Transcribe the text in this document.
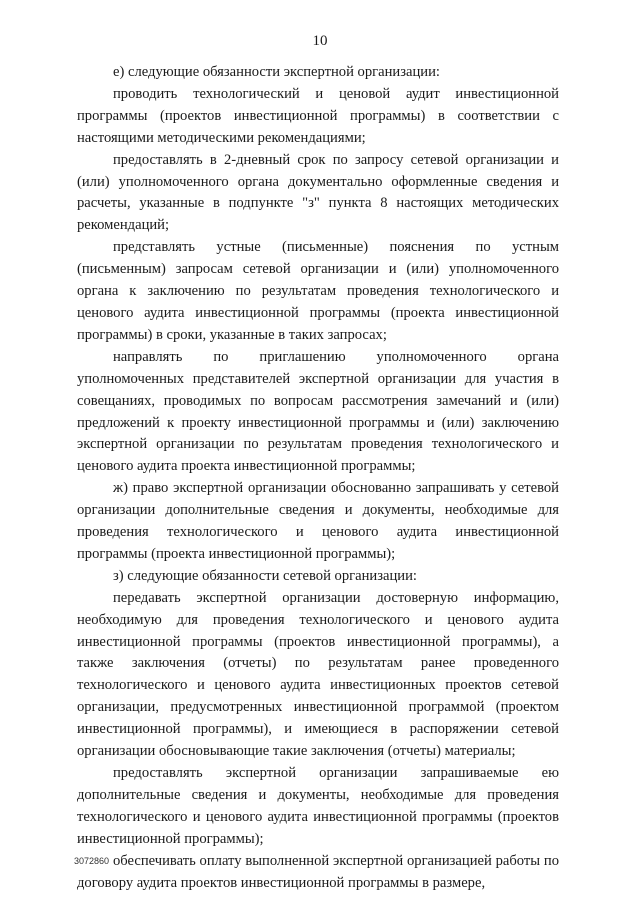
10

е) следующие обязанности экспертной организации:

проводить технологический и ценовой аудит инвестиционной программы (проектов инвестиционной программы) в соответствии с настоящими методическими рекомендациями;

предоставлять в 2-дневный срок по запросу сетевой организации и (или) уполномоченного органа документально оформленные сведения и расчеты, указанные в подпункте "з" пункта 8 настоящих методических рекомендаций;

представлять устные (письменные) пояснения по устным (письменным) запросам сетевой организации и (или) уполномоченного органа к заключению по результатам проведения технологического и ценового аудита инвестиционной программы (проекта инвестиционной программы) в сроки, указанные в таких запросах;

направлять по приглашению уполномоченного органа уполномоченных представителей экспертной организации для участия в совещаниях, проводимых по вопросам рассмотрения замечаний и (или) предложений к проекту инвестиционной программы и (или) заключению экспертной организации по результатам проведения технологического и ценового аудита проекта инвестиционной программы;

ж) право экспертной организации обоснованно запрашивать у сетевой организации дополнительные сведения и документы, необходимые для проведения технологического и ценового аудита инвестиционной программы (проекта инвестиционной программы);

з) следующие обязанности сетевой организации:

передавать экспертной организации достоверную информацию, необходимую для проведения технологического и ценового аудита инвестиционной программы (проектов инвестиционной программы), а также заключения (отчеты) по результатам ранее проведенного технологического и ценового аудита инвестиционных проектов сетевой организации, предусмотренных инвестиционной программой (проектом инвестиционной программы), и имеющиеся в распоряжении сетевой организации обосновывающие такие заключения (отчеты) материалы;

предоставлять экспертной организации запрашиваемые ею дополнительные сведения и документы, необходимые для проведения технологического и ценового аудита инвестиционной программы (проектов инвестиционной программы);

обеспечивать оплату выполненной экспертной организацией работы по договору аудита проектов инвестиционной программы в размере,

3072860
